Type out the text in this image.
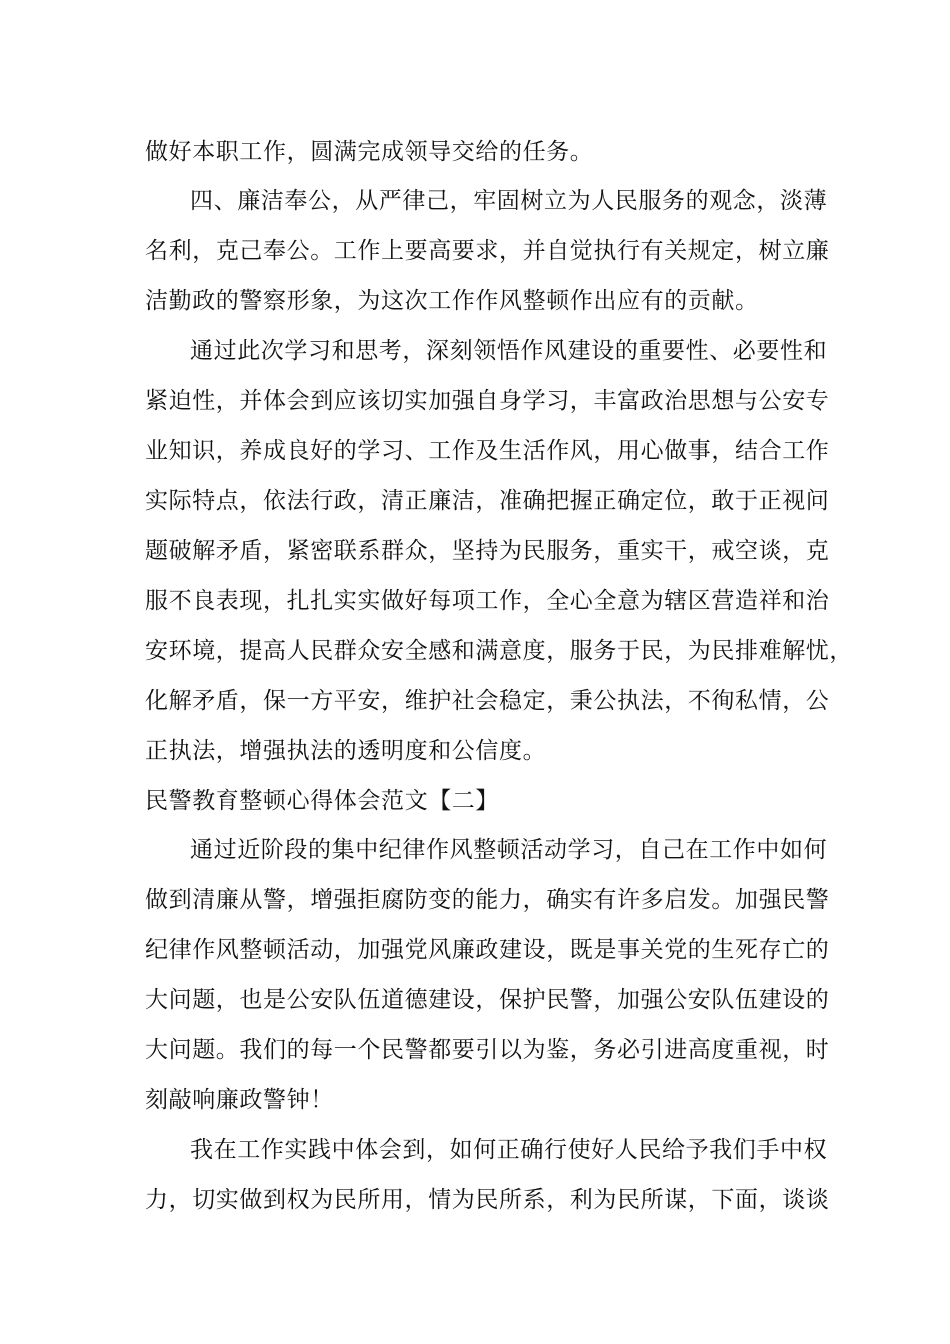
做好本职工作，圆满完成领导交给的任务。
四、廉洁奉公，从严律己，牢固树立为人民服务的观念，淡薄
名利，克己奉公。工作上要高要求，并自觉执行有关规定，树立廉
洁勤政的警察形象，为这次工作作风整顿作出应有的贡献。
通过此次学习和思考，深刻领悟作风建设的重要性、必要性和
紧迫性，并体会到应该切实加强自身学习，丰富政治思想与公安专
业知识，养成良好的学习、工作及生活作风，用心做事，结合工作
实际特点，依法行政，清正廉洁，准确把握正确定位，敢于正视问
题破解矛盾，紧密联系群众，坚持为民服务，重实干，戒空谈，克
服不良表现，扎扎实实做好每项工作，全心全意为辖区营造祥和治
安环境，提高人民群众安全感和满意度，服务于民，为民排难解忧，
化解矛盾，保一方平安，维护社会稳定，秉公执法，不徇私情，公
正执法，增强执法的透明度和公信度。
民警教育整顿心得体会范文【二】
通过近阶段的集中纪律作风整顿活动学习，自己在工作中如何
做到清廉从警，增强拒腐防变的能力，确实有许多启发。加强民警
纪律作风整顿活动，加强党风廉政建设，既是事关党的生死存亡的
大问题，也是公安队伍道德建设，保护民警，加强公安队伍建设的
大问题。我们的每一个民警都要引以为鉴，务必引进高度重视，时
刻敲响廉政警钟！
我在工作实践中体会到，如何正确行使好人民给予我们手中权
力，切实做到权为民所用，情为民所系，利为民所谋，下面，谈谈
